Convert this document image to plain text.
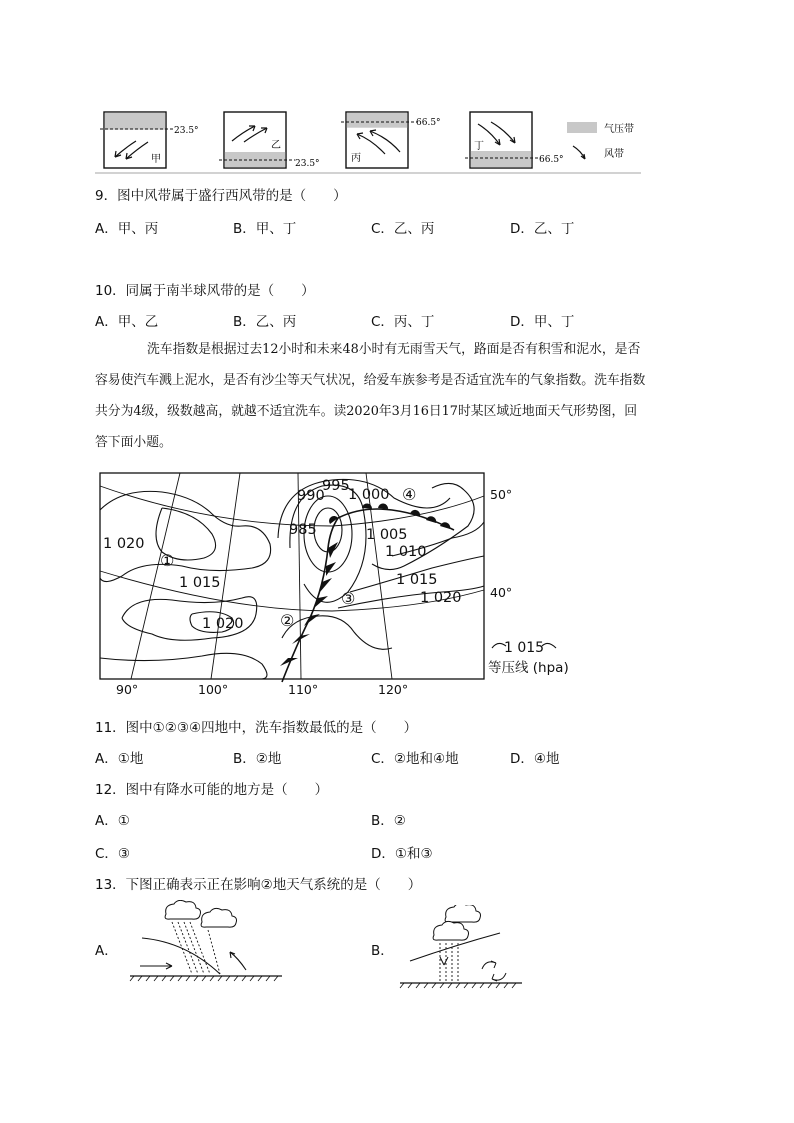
甲
23.5°
乙
23.5°	丙
66.5°
丁
66.5°
气压带
风带
9．图中风带属于盛行西风带的是（　　）
A．甲、丙	B．甲、丁	C．乙、丙	D．乙、丁
10．同属于南半球风带的是（　　）
A．甲、乙	B．乙、丙	C．丙、丁	D．甲、丁

洗车指数是根据过去12小时和未来48小时有无雨雪天气，路面是否有积雪和泥水，是否

容易使汽车溅上泥水，是否有沙尘等天气状况，给爱车族参考是否适宜洗车的气象指数。洗车指数

共分为4级，级数越高，就越不适宜洗车。读2020年3月16日17时某区域近地面天气形势图，回

答下面小题。

995
990 1 000
985	1 005
1 010
1 015
1 020
1 020
1 015
1 020
①
②
③
④	50°
40°
90°	100°	110°	120°
1 015
等压线 (hpa)
11．图中①②③④四地中，洗车指数最低的是（　　）
A．①地	B．②地	C．②地和④地	D．④地
12．图中有降水可能的地方是（　　）
A．①	B．②
C．③	D．①和③
13．下图正确表示正在影响②地天气系统的是（　　）
A．	B．
